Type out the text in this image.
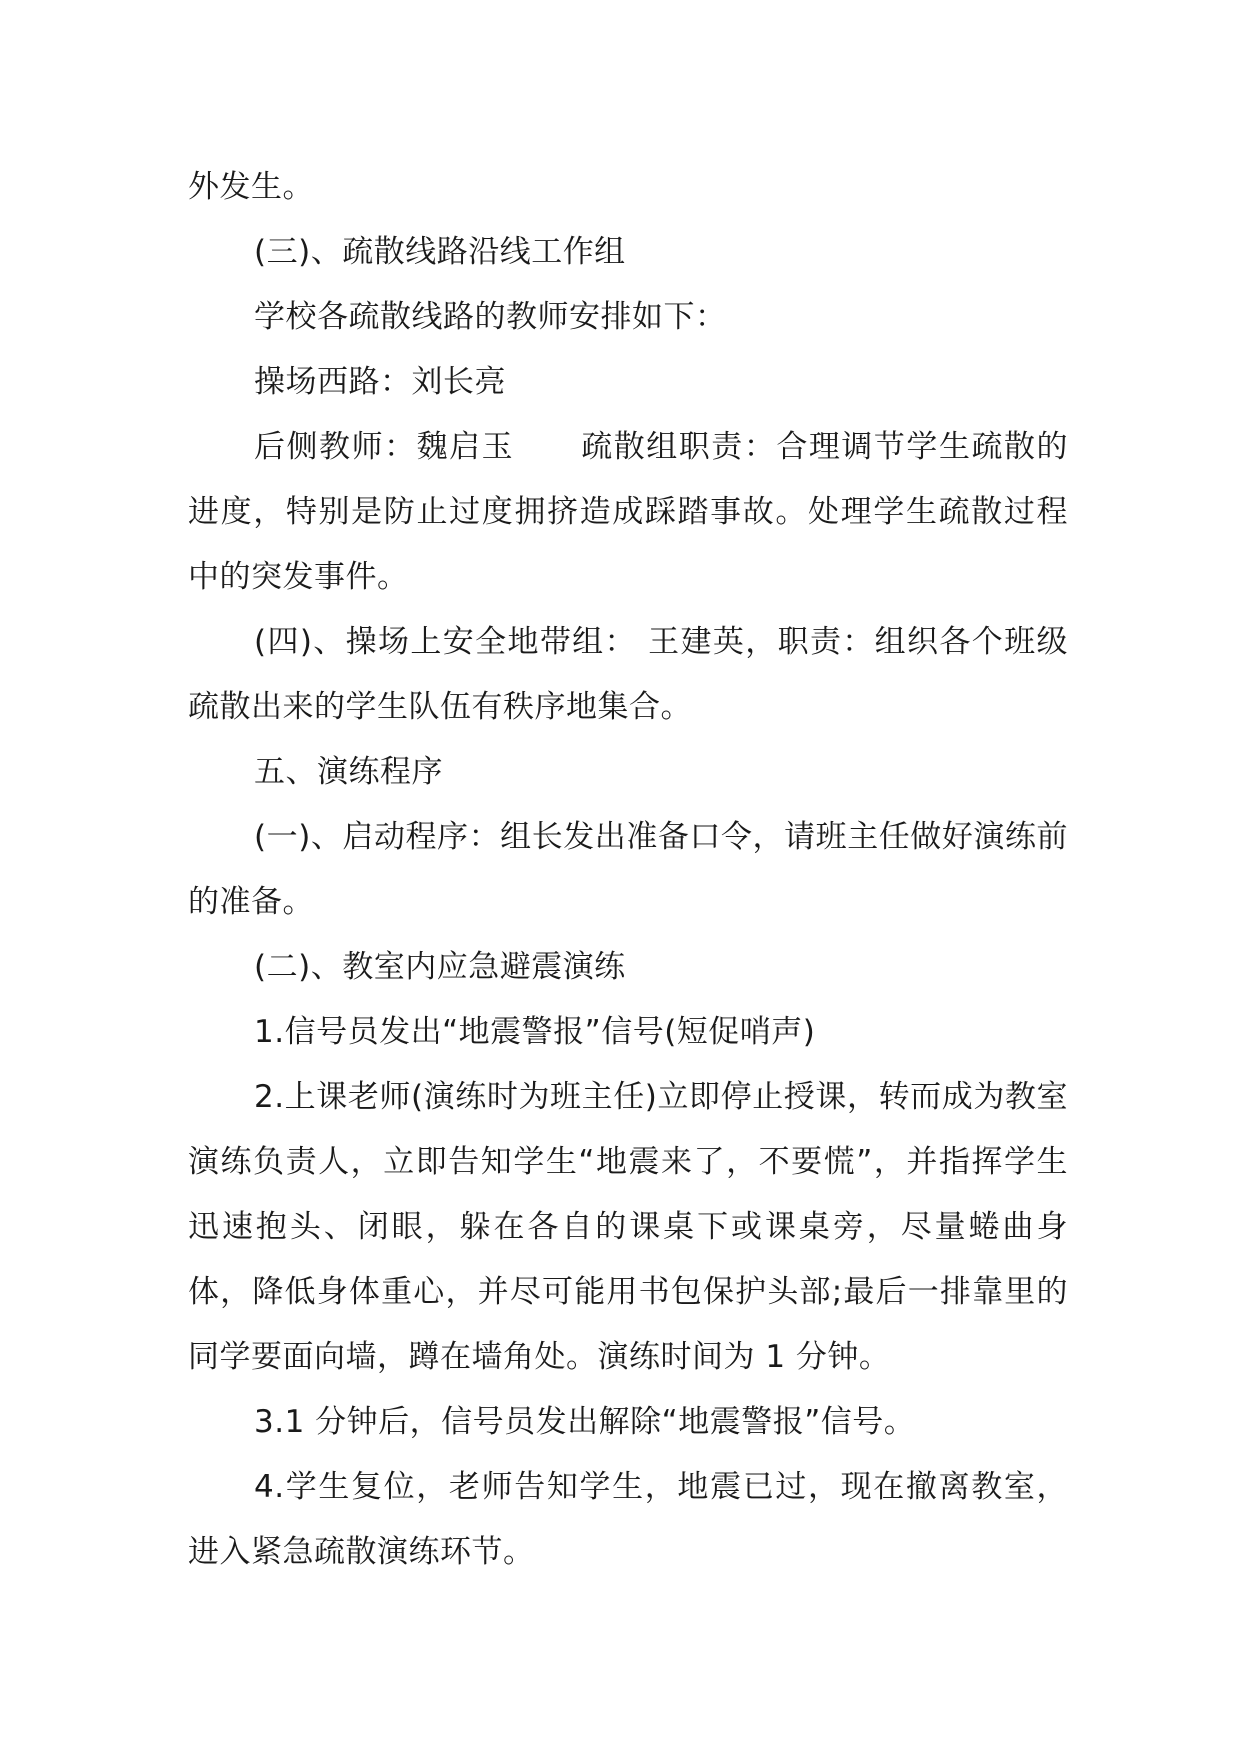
外发生。

(三)、疏散线路沿线工作组

学校各疏散线路的教师安排如下：

操场西路：刘长亮

后侧教师：魏启玉 疏散组职责：合理调节学生疏散的进度，特别是防止过度拥挤造成踩踏事故。处理学生疏散过程中的突发事件。

(四)、操场上安全地带组： 王建英，职责：组织各个班级疏散出来的学生队伍有秩序地集合。

五、演练程序

(一)、启动程序：组长发出准备口令，请班主任做好演练前的准备。

(二)、教室内应急避震演练

1.信号员发出“地震警报”信号(短促哨声)

2.上课老师(演练时为班主任)立即停止授课，转而成为教室演练负责人，立即告知学生“地震来了，不要慌”，并指挥学生迅速抱头、闭眼，躲在各自的课桌下或课桌旁，尽量蜷曲身体，降低身体重心，并尽可能用书包保护头部;最后一排靠里的同学要面向墙，蹲在墙角处。演练时间为 1 分钟。

3.1 分钟后，信号员发出解除“地震警报”信号。

4.学生复位，老师告知学生，地震已过，现在撤离教室，进入紧急疏散演练环节。
